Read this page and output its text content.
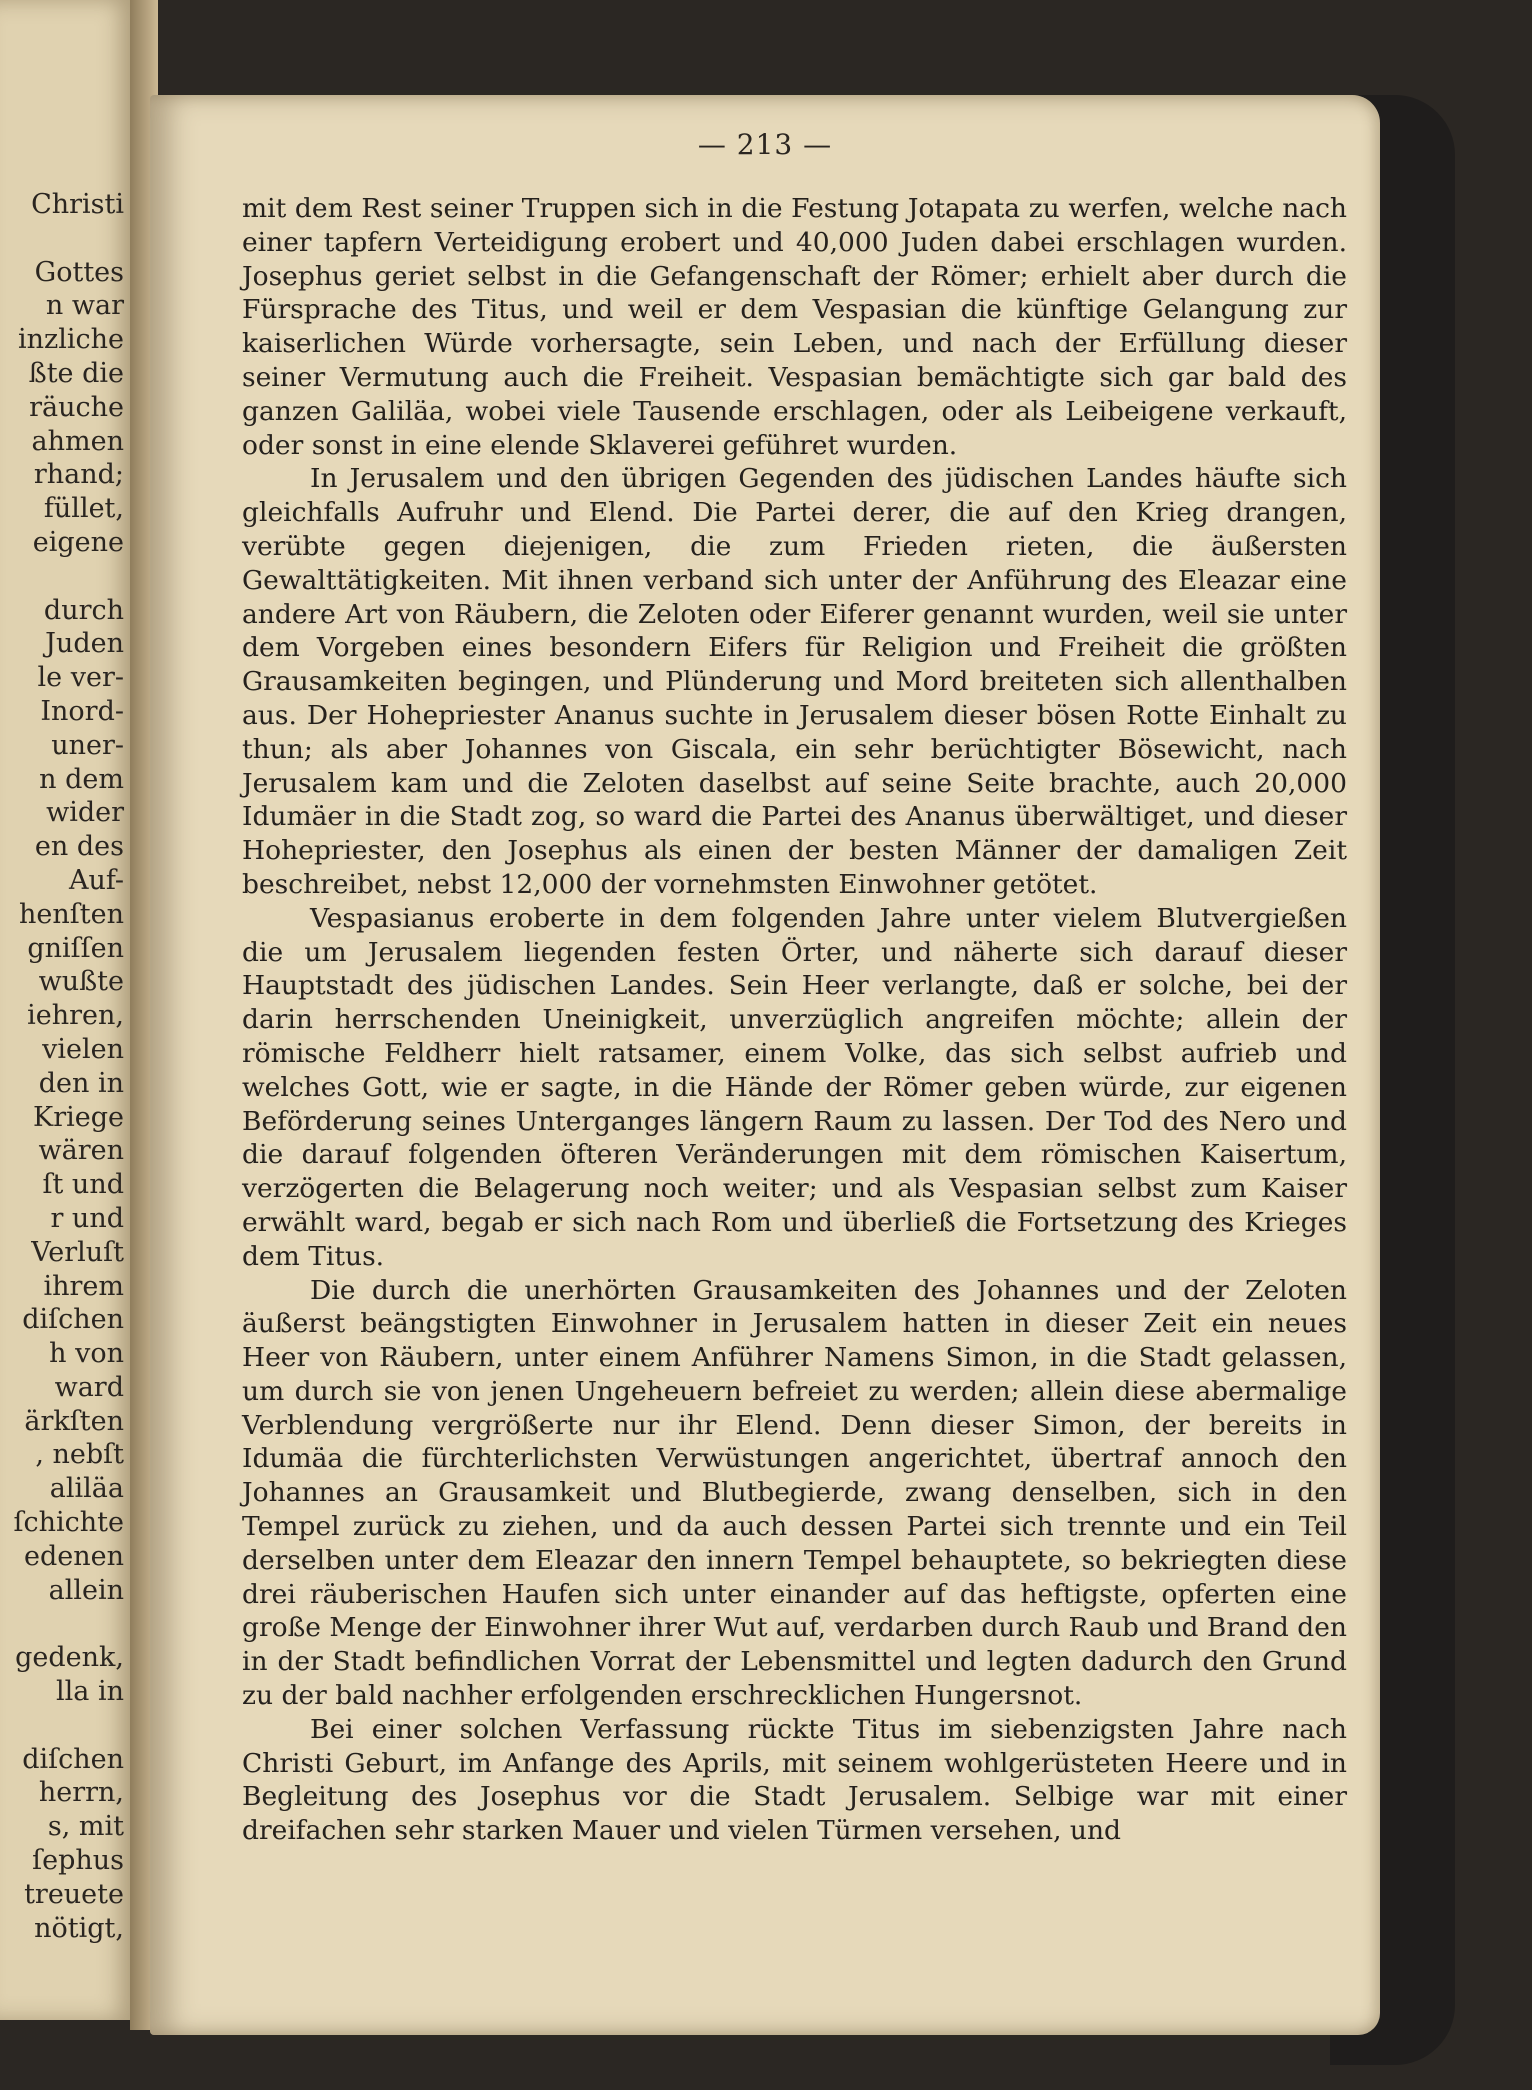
Christi
Gottes
n war
inzliche
ßte die
räuche
ahmen
rhand;
füllet,
eigene
durch
Juden
le ver-
Inord-
uner-
n dem
wider
en des
Auf-
henſten
gniſſen
wußte
iehren,
vielen
den in
Kriege
wären
ſt und
r und
Verluſt
ihrem
diſchen
h von
ward
ärkſten
, nebſt
aliläa
ſchichte
edenen
allein
gedenk,
lla in
diſchen
herrn,
s, mit
ſephus
treuete
nötigt,
— 213 —

mit dem Rest seiner Truppen sich in die Festung Jotapata zu werfen, welche nach einer tapfern Verteidigung erobert und 40,000 Juden dabei erschlagen wurden. Josephus geriet selbst in die Gefangenschaft der Römer; erhielt aber durch die Fürsprache des Titus, und weil er dem Vespasian die künftige Gelangung zur kaiserlichen Würde vorhersagte, sein Leben, und nach der Erfüllung dieser seiner Vermutung auch die Freiheit. Vespasian bemächtigte sich gar bald des ganzen Galiläa, wobei viele Tausende erschlagen, oder als Leibeigene verkauft, oder sonst in eine elende Sklaverei geführet wurden.

In Jerusalem und den übrigen Gegenden des jüdischen Landes häufte sich gleichfalls Aufruhr und Elend. Die Partei derer, die auf den Krieg drangen, verübte gegen diejenigen, die zum Frieden rieten, die äußersten Gewalttätigkeiten. Mit ihnen verband sich unter der Anführung des Eleazar eine andere Art von Räubern, die Zeloten oder Eiferer genannt wurden, weil sie unter dem Vorgeben eines besondern Eifers für Religion und Freiheit die größten Grausamkeiten begingen, und Plünderung und Mord breiteten sich allenthalben aus. Der Hohepriester Ananus suchte in Jerusalem dieser bösen Rotte Einhalt zu thun; als aber Johannes von Giscala, ein sehr berüchtigter Bösewicht, nach Jerusalem kam und die Zeloten daselbst auf seine Seite brachte, auch 20,000 Idumäer in die Stadt zog, so ward die Partei des Ananus überwältiget, und dieser Hohepriester, den Josephus als einen der besten Männer der damaligen Zeit beschreibet, nebst 12,000 der vornehmsten Einwohner getötet.

Vespasianus eroberte in dem folgenden Jahre unter vielem Blutvergießen die um Jerusalem liegenden festen Örter, und näherte sich darauf dieser Hauptstadt des jüdischen Landes. Sein Heer verlangte, daß er solche, bei der darin herrschenden Uneinigkeit, unverzüglich angreifen möchte; allein der römische Feldherr hielt ratsamer, einem Volke, das sich selbst aufrieb und welches Gott, wie er sagte, in die Hände der Römer geben würde, zur eigenen Beförderung seines Unterganges längern Raum zu lassen. Der Tod des Nero und die darauf folgenden öfteren Veränderungen mit dem römischen Kaisertum, verzögerten die Belagerung noch weiter; und als Vespasian selbst zum Kaiser erwählt ward, begab er sich nach Rom und überließ die Fortsetzung des Krieges dem Titus.

Die durch die unerhörten Grausamkeiten des Johannes und der Zeloten äußerst beängstigten Einwohner in Jerusalem hatten in dieser Zeit ein neues Heer von Räubern, unter einem Anführer Namens Simon, in die Stadt gelassen, um durch sie von jenen Ungeheuern befreiet zu werden; allein diese abermalige Verblendung vergrößerte nur ihr Elend. Denn dieser Simon, der bereits in Idumäa die fürchterlichsten Verwüstungen angerichtet, übertraf annoch den Johannes an Grausamkeit und Blutbegierde, zwang denselben, sich in den Tempel zurück zu ziehen, und da auch dessen Partei sich trennte und ein Teil derselben unter dem Eleazar den innern Tempel behauptete, so bekriegten diese drei räuberischen Haufen sich unter einander auf das heftigste, opferten eine große Menge der Einwohner ihrer Wut auf, verdarben durch Raub und Brand den in der Stadt befindlichen Vorrat der Lebensmittel und legten dadurch den Grund zu der bald nachher erfolgenden erschrecklichen Hungersnot.

Bei einer solchen Verfassung rückte Titus im siebenzigsten Jahre nach Christi Geburt, im Anfange des Aprils, mit seinem wohlgerüsteten Heere und in Begleitung des Josephus vor die Stadt Jerusalem. Selbige war mit einer dreifachen sehr starken Mauer und vielen Türmen versehen, und
